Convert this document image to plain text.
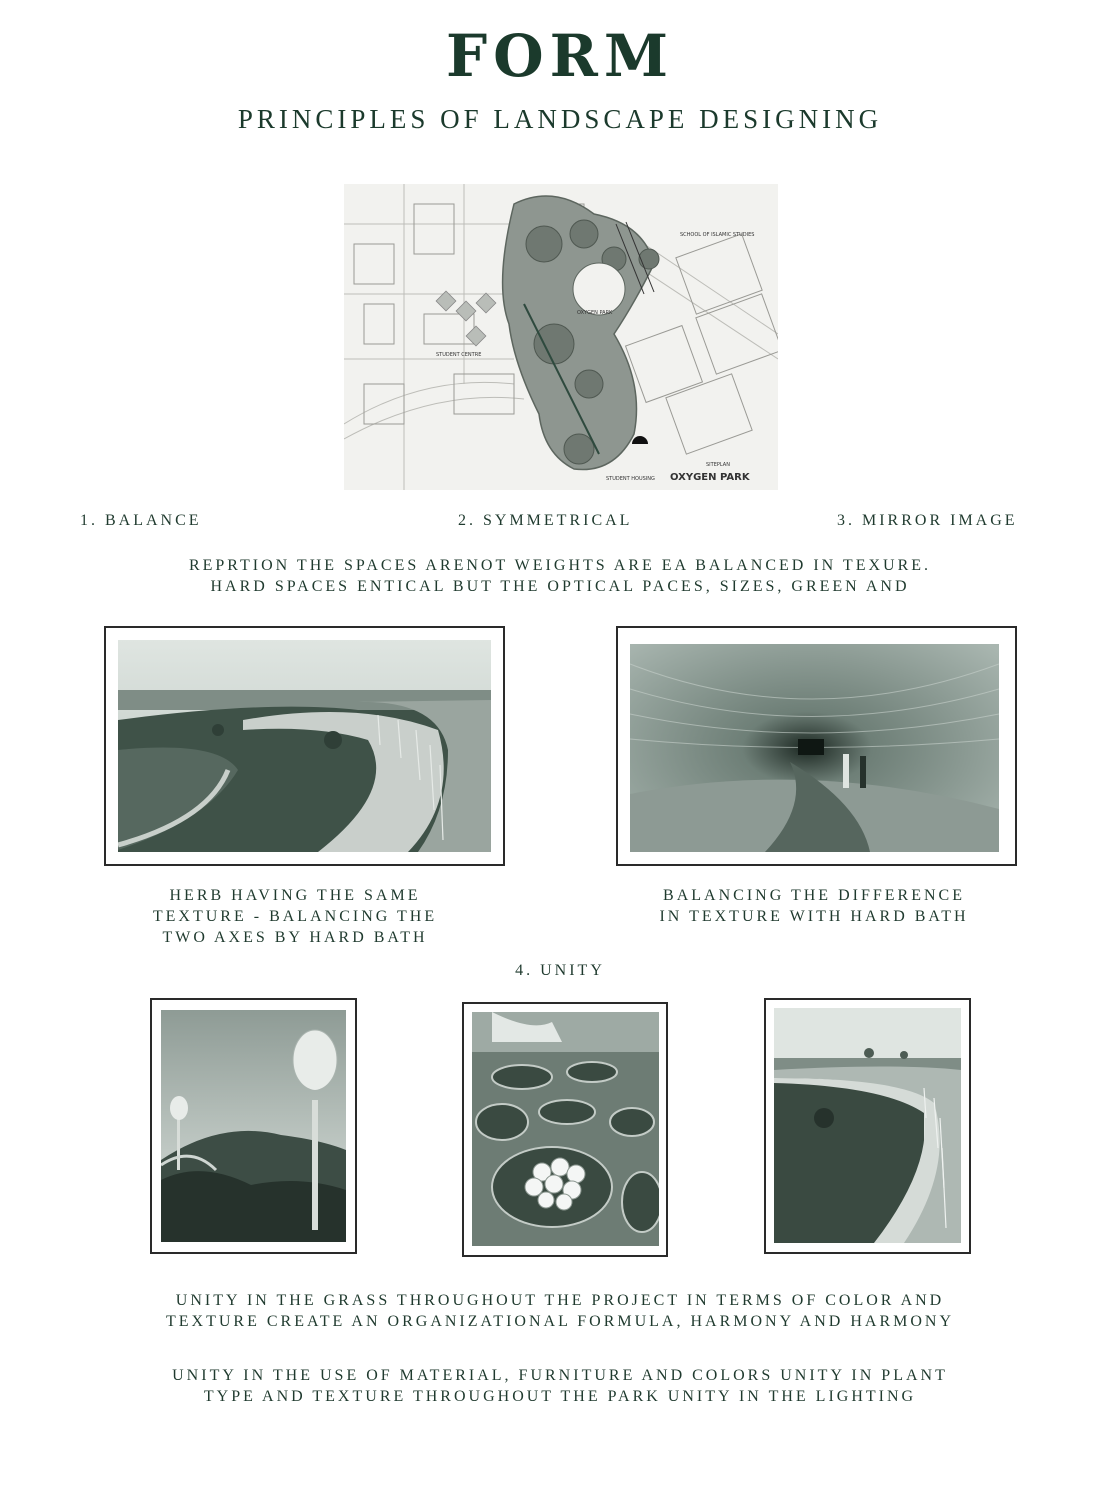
FORM
PRINCIPLES OF LANDSCAPE DESIGNING
SCHOOL OF ISLAMIC STUDIES
OXYGEN PARK
STUDENT CENTRE
STUDENT HOUSING
SITEPLAN
OXYGEN PARK
1. BALANCE	2. SYMMETRICAL	3. MIRROR IMAGE
REPRTION THE SPACES ARENOT WEIGHTS ARE EA BALANCED IN TEXURE.
HARD SPACES ENTICAL BUT THE OPTICAL PACES, SIZES, GREEN AND
HERB HAVING THE SAME
TEXTURE - BALANCING THE
TWO AXES BY HARD BATH
BALANCING THE DIFFERENCE
IN TEXTURE WITH HARD BATH
4. UNITY
UNITY IN THE GRASS THROUGHOUT THE PROJECT IN TERMS OF COLOR AND
TEXTURE CREATE AN ORGANIZATIONAL FORMULA, HARMONY AND HARMONY
UNITY IN THE USE OF MATERIAL, FURNITURE AND COLORS UNITY IN PLANT
TYPE AND TEXTURE THROUGHOUT THE PARK UNITY IN THE LIGHTING
